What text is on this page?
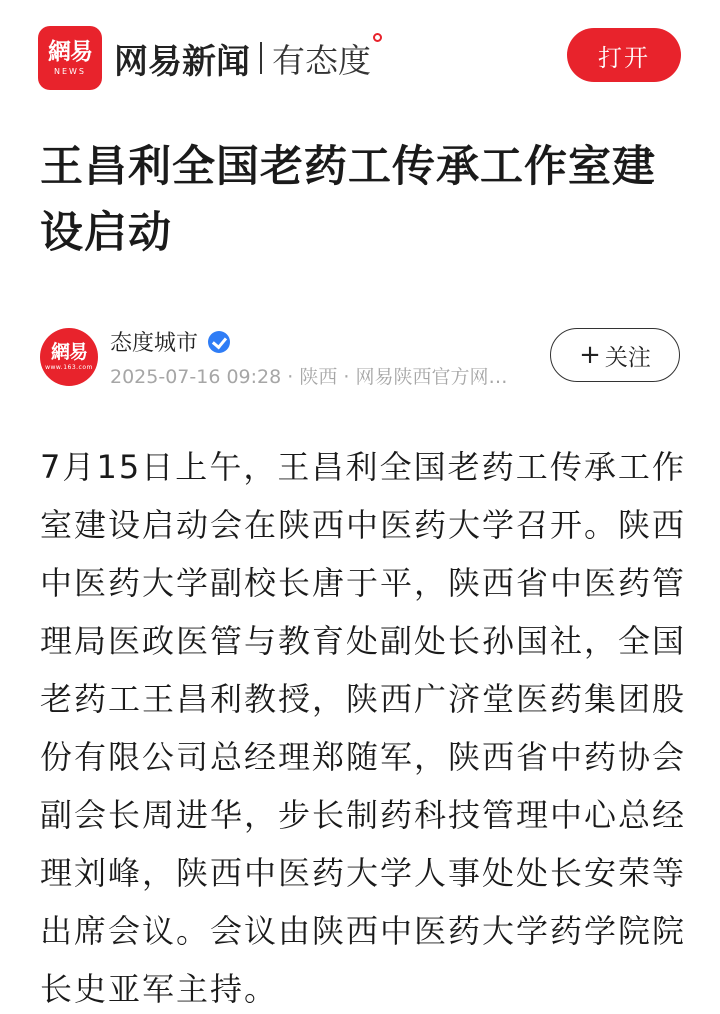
網易
NEWS 网易新闻 有态度	打开
王昌利全国老药工传承工作室建设启动
網易
www.163.com
态度城市
2025-07-16 09:28 · 陕西 · 网易陕西官方网…
+ 关注

7月15日上午，王昌利全国老药工传承工作室建设启动会在陕西中医药大学召开。陕西中医药大学副校长唐于平，陕西省中医药管理局医政医管与教育处副处长孙国社，全国老药工王昌利教授，陕西广济堂医药集团股份有限公司总经理郑随军，陕西省中药协会副会长周进华，步长制药科技管理中心总经理刘峰，陕西中医药大学人事处处长安荣等出席会议。会议由陕西中医药大学药学院院长史亚军主持。
